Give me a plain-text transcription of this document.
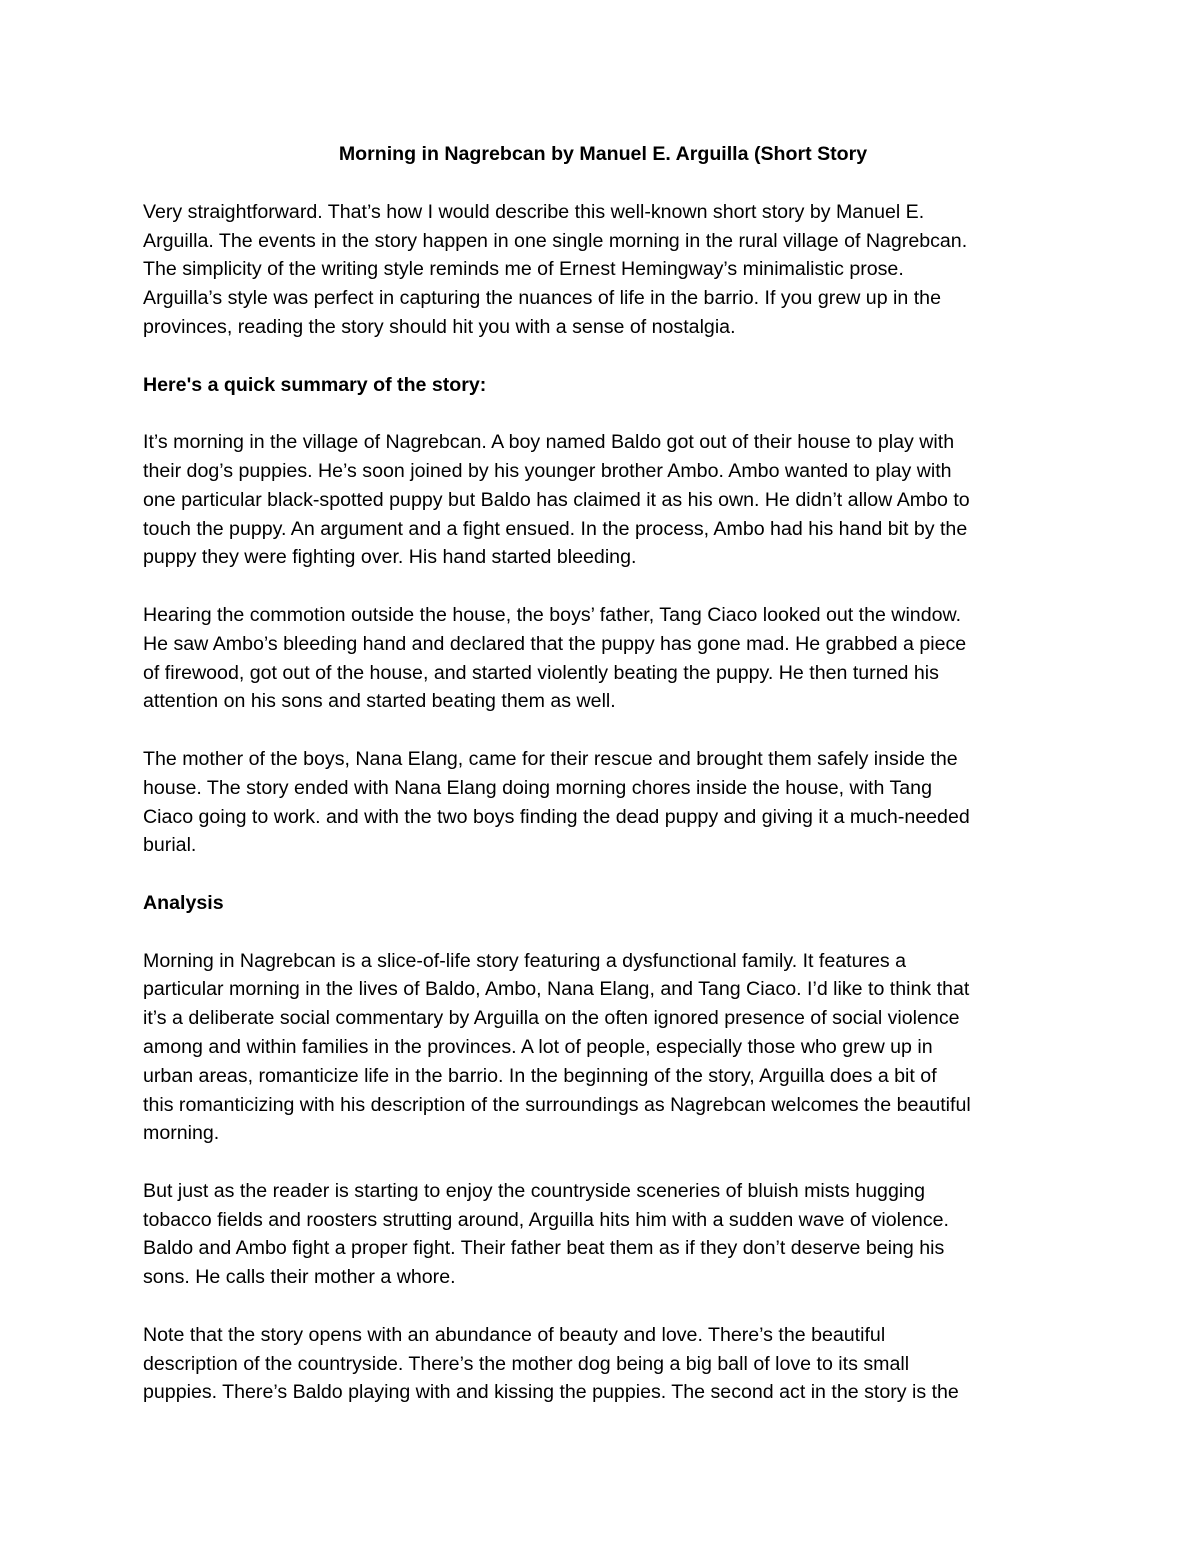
Morning in Nagrebcan by Manuel E. Arguilla (Short Story
Very straightforward. That’s how I would describe this well-known short story by Manuel E.
Arguilla. The events in the story happen in one single morning in the rural village of Nagrebcan.
The simplicity of the writing style reminds me of Ernest Hemingway’s minimalistic prose.
Arguilla’s style was perfect in capturing the nuances of life in the barrio. If you grew up in the
provinces, reading the story should hit you with a sense of nostalgia.
Here's a quick summary of the story:
It’s morning in the village of Nagrebcan. A boy named Baldo got out of their house to play with
their dog’s puppies. He’s soon joined by his younger brother Ambo. Ambo wanted to play with
one particular black-spotted puppy but Baldo has claimed it as his own. He didn’t allow Ambo to
touch the puppy. An argument and a fight ensued. In the process, Ambo had his hand bit by the
puppy they were fighting over. His hand started bleeding.
Hearing the commotion outside the house, the boys’ father, Tang Ciaco looked out the window.
He saw Ambo’s bleeding hand and declared that the puppy has gone mad. He grabbed a piece
of firewood, got out of the house, and started violently beating the puppy. He then turned his
attention on his sons and started beating them as well.
The mother of the boys, Nana Elang, came for their rescue and brought them safely inside the
house. The story ended with Nana Elang doing morning chores inside the house, with Tang
Ciaco going to work. and with the two boys finding the dead puppy and giving it a much-needed
burial.
Analysis
Morning in Nagrebcan is a slice-of-life story featuring a dysfunctional family. It features a
particular morning in the lives of Baldo, Ambo, Nana Elang, and Tang Ciaco. I’d like to think that
it’s a deliberate social commentary by Arguilla on the often ignored presence of social violence
among and within families in the provinces. A lot of people, especially those who grew up in
urban areas, romanticize life in the barrio. In the beginning of the story, Arguilla does a bit of
this romanticizing with his description of the surroundings as Nagrebcan welcomes the beautiful
morning.
But just as the reader is starting to enjoy the countryside sceneries of bluish mists hugging
tobacco fields and roosters strutting around, Arguilla hits him with a sudden wave of violence.
Baldo and Ambo fight a proper fight. Their father beat them as if they don’t deserve being his
sons. He calls their mother a whore.
Note that the story opens with an abundance of beauty and love. There’s the beautiful
description of the countryside. There’s the mother dog being a big ball of love to its small
puppies. There’s Baldo playing with and kissing the puppies. The second act in the story is the
